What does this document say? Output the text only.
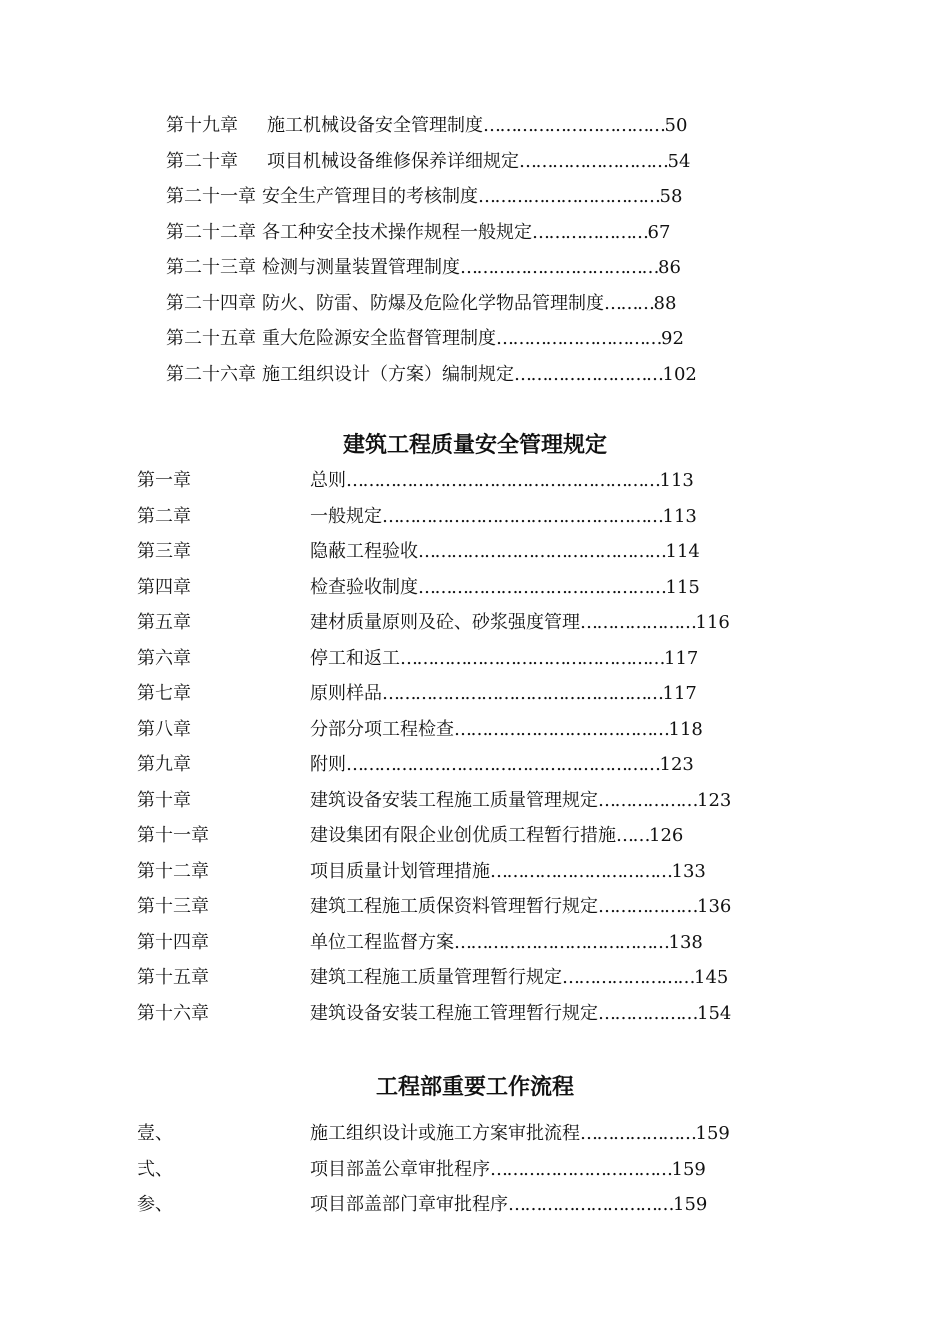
第十九章	施工机械设备安全管理制度 …………………………… 50
第二十章	项目机械设备维修保养详细规定 ……………………… 54
第二十一章 安全生产管理目的考核制度 …………………………… 58
第二十二章 各工种安全技术操作规程一般规定 ………………… 67
第二十三章 检测与测量装置管理制度 ……………………………… 86
第二十四章 防火、防雷、防爆及危险化学物品管理制度 ……… 88
第二十五章 重大危险源安全监督管理制度 ………………………… 92
第二十六章 施工组织设计（方案）编制规定 ……………………… 102
建筑工程质量安全管理规定
第一章	总则 ………………………………………………… 113
第二章	一般规定 …………………………………………… 113
第三章	隐蔽工程验收 ……………………………………… 114
第四章	检查验收制度 ……………………………………… 115
第五章	建材质量原则及砼、砂浆强度管理 ………………… 116
第六章	停工和返工 ………………………………………… 117
第七章	原则样品 …………………………………………… 117
第八章	分部分项工程检查 ………………………………… 118
第九章	附则 ………………………………………………… 123
第十章	建筑设备安装工程施工质量管理规定 ……………… 123
第十一章	建设集团有限企业创优质工程暂行措施 …… 126
第十二章	项目质量计划管理措施 …………………………… 133
第十三章	建筑工程施工质保资料管理暂行规定 ……………… 136
第十四章	单位工程监督方案 ………………………………… 138
第十五章	建筑工程施工质量管理暂行规定 …………………… 145
第十六章	建筑设备安装工程施工管理暂行规定 ……………… 154
工程部重要工作流程
壹、	施工组织设计或施工方案审批流程 ………………… 159
弍、	项目部盖公章审批程序 …………………………… 159
参、	项目部盖部门章审批程序 ………………………… 159
